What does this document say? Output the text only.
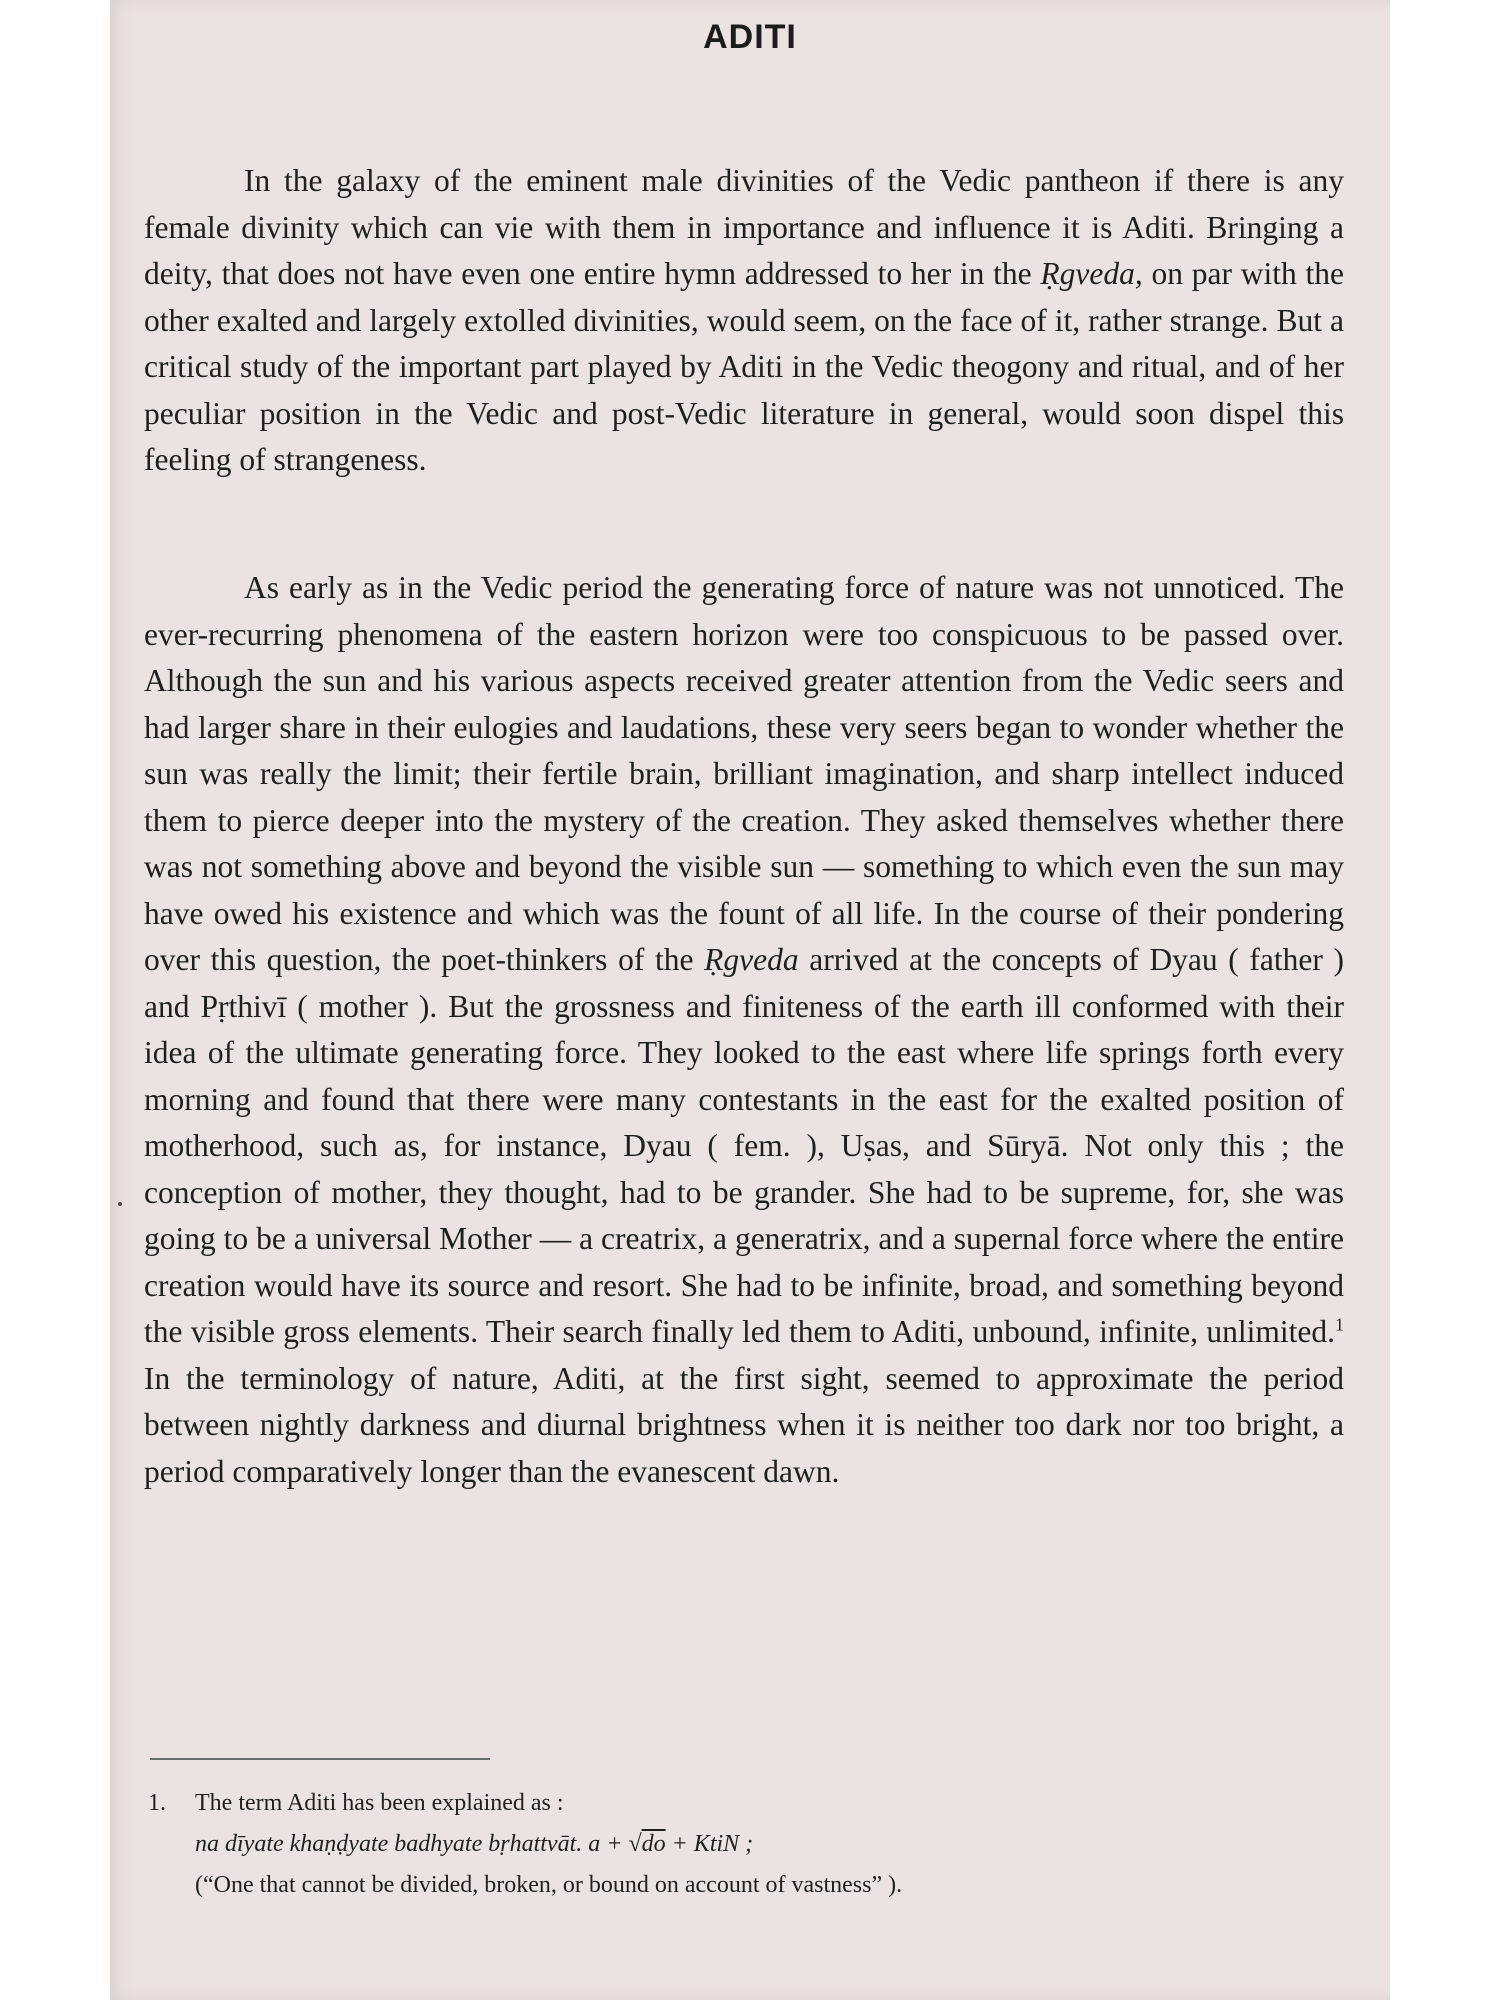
ADITI

In the galaxy of the eminent male divinities of the Vedic pantheon if there is any female divinity which can vie with them in importance and influence it is Aditi. Bringing a deity, that does not have even one entire hymn addressed to her in the Ṛgveda, on par with the other exalted and largely extolled divinities, would seem, on the face of it, rather strange. But a critical study of the important part played by Aditi in the Vedic theogony and ritual, and of her peculiar position in the Vedic and post-Vedic literature in general, would soon dispel this feeling of strangeness.

As early as in the Vedic period the generating force of nature was not unnoticed. The ever-recurring phenomena of the eastern horizon were too conspicuous to be passed over. Although the sun and his various aspects received greater attention from the Vedic seers and had larger share in their eulogies and laudations, these very seers began to wonder whether the sun was really the limit; their fertile brain, brilliant imagination, and sharp intellect induced them to pierce deeper into the mystery of the creation. They asked themselves whether there was not something above and beyond the visible sun — something to which even the sun may have owed his existence and which was the fount of all life. In the course of their pondering over this question, the poet-thinkers of the Ṛgveda arrived at the concepts of Dyau ( father ) and Pṛthivī ( mother ). But the grossness and finiteness of the earth ill conformed with their idea of the ultimate generating force. They looked to the east where life springs forth every morning and found that there were many contestants in the east for the exalted position of motherhood, such as, for instance, Dyau ( fem. ), Uṣas, and Sūryā. Not only this ; the conception of mother, they thought, had to be grander. She had to be supreme, for, she was going to be a universal Mother — a creatrix, a generatrix, and a supernal force where the entire creation would have its source and resort. She had to be infinite, broad, and something beyond the visible gross elements. Their search finally led them to Aditi, unbound, infinite, unlimited.$^1$ In the terminology of nature, Aditi, at the first sight, seemed to approximate the period between nightly darkness and diurnal brightness when it is neither too dark nor too bright, a period comparatively longer than the evanescent dawn.

1. The term Aditi has been explained as :
na dīyate khaṇḍyate badhyate bṛhattvāt. a + √do + KtiN ;
(“One that cannot be divided, broken, or bound on account of vastness” ).
